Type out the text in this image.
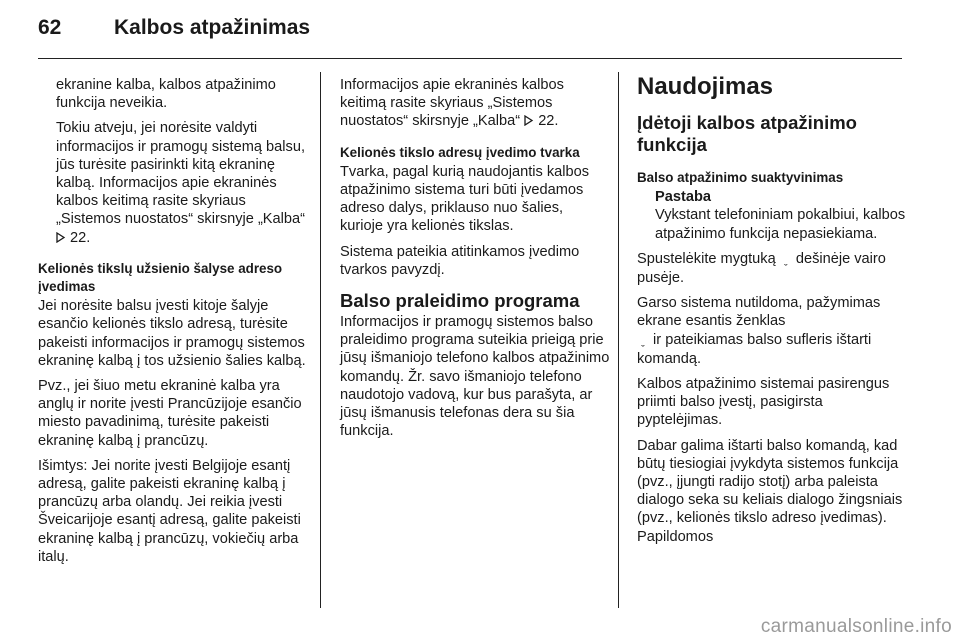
62	Kalbos atpažinimas

ekranine kalba, kalbos atpažinimo funkcija neveikia.

Tokiu atveju, jei norėsite valdyti informacijos ir pramogų sistemą balsu, jūs turėsite pasirinkti kitą ekraninę kalbą. Informacijos apie ekraninės kalbos keitimą rasite skyriaus „Sistemos nuostatos“ skirsnyje „Kalba“  22.

Kelionės tikslų užsienio šalyse adreso įvedimas

Jei norėsite balsu įvesti kitoje šalyje esančio kelionės tikslo adresą, turėsite pakeisti informacijos ir pramogų sistemos ekraninę kalbą į tos užsienio šalies kalbą.

Pvz., jei šiuo metu ekraninė kalba yra anglų ir norite įvesti Prancūzijoje esančio miesto pavadinimą, turėsite pakeisti ekraninę kalbą į prancūzų.

Išimtys: Jei norite įvesti Belgijoje esantį adresą, galite pakeisti ekraninę kalbą į prancūzų arba olandų. Jei reikia įvesti Šveicarijoje esantį adresą, galite pakeisti ekraninę kalbą į prancūzų, vokiečių arba italų.

Informacijos apie ekraninės kalbos keitimą rasite skyriaus „Sistemos nuostatos“ skirsnyje „Kalba“  22.

Kelionės tikslo adresų įvedimo tvarka

Tvarka, pagal kurią naudojantis kalbos atpažinimo sistema turi būti įvedamos adreso dalys, priklauso nuo šalies, kurioje yra kelionės tikslas.

Sistema pateikia atitinkamos įvedimo tvarkos pavyzdį.

Balso praleidimo programa

Informacijos ir pramogų sistemos balso praleidimo programa suteikia prieigą prie jūsų išmaniojo telefono kalbos atpažinimo komandų. Žr. savo išmaniojo telefono naudotojo vadovą, kur bus parašyta, ar jūsų išmanusis telefonas dera su šia funkcija.

Naudojimas
Įdėtoji kalbos atpažinimo funkcija
Balso atpažinimo suaktyvinimas

Pastaba

Vykstant telefoniniam pokalbiui, kalbos atpažinimo funkcija nepasiekiama.

Spustelėkite mygtuką ˬ dešinėje vairo pusėje.

Garso sistema nutildoma, pažymimas ekrane esantis ženklas
ˬ ir pateikiamas balso sufleris ištarti komandą.

Kalbos atpažinimo sistemai pasirengus priimti balso įvestį, pasigirsta pyptelėjimas.

Dabar galima ištarti balso komandą, kad būtų tiesiogiai įvykdyta sistemos funkcija (pvz., įjungti radijo stotį) arba paleista dialogo seka su keliais dialogo žingsniais (pvz., kelionės tikslo adreso įvedimas). Papildomos

carmanualsonline.info
